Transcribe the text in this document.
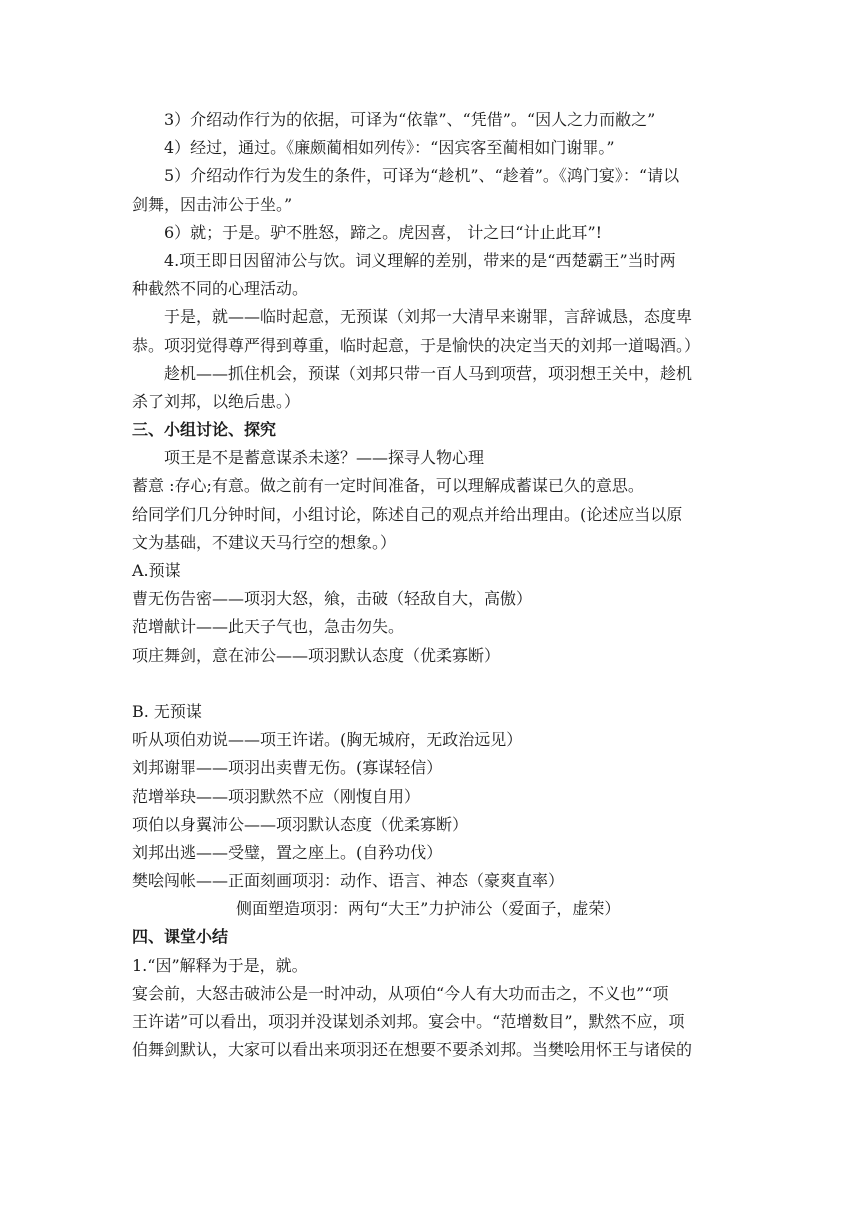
3）介绍动作行为的依据，可译为“依靠”、“凭借”。“因人之力而敝之”
4）经过，通过。《廉颇蔺相如列传》：“因宾客至蔺相如门谢罪。”
5）介绍动作行为发生的条件，可译为“趁机”、“趁着”。《鸿门宴》：“请以
剑舞，因击沛公于坐。”
6）就；于是。驴不胜怒，蹄之。虎因喜， 计之曰“计止此耳”!
4.项王即日因留沛公与饮。词义理解的差别，带来的是“西楚霸王”当时两
种截然不同的心理活动。
于是，就——临时起意，无预谋（刘邦一大清早来谢罪，言辞诚恳，态度卑
恭。项羽觉得尊严得到尊重，临时起意，于是愉快的决定当天的刘邦一道喝酒。）
趁机——抓住机会，预谋（刘邦只带一百人马到项营，项羽想王关中，趁机
杀了刘邦，以绝后患。）
三、小组讨论、探究
项王是不是蓄意谋杀未遂？——探寻人物心理
蓄意 :存心;有意。做之前有一定时间准备，可以理解成蓄谋已久的意思。
给同学们几分钟时间，小组讨论，陈述自己的观点并给出理由。(论述应当以原
文为基础，不建议天马行空的想象。）
A.预谋
曹无伤告密——项羽大怒，飨，击破（轻敌自大，高傲）
范增献计——此天子气也，急击勿失。
项庄舞剑，意在沛公——项羽默认态度（优柔寡断）
B. 无预谋
听从项伯劝说——项王许诺。(胸无城府，无政治远见）
刘邦谢罪——项羽出卖曹无伤。(寡谋轻信）
范增举玦——项羽默然不应（刚愎自用）
项伯以身翼沛公——项羽默认态度（优柔寡断）
刘邦出逃——受璧，置之座上。(自矜功伐）
樊哙闯帐——正面刻画项羽：动作、语言、神态（豪爽直率）
侧面塑造项羽：两句“大王”力护沛公（爱面子，虚荣）
四、课堂小结
1.“因”解释为于是，就。
宴会前，大怒击破沛公是一时冲动，从项伯“今人有大功而击之，不义也”“项
王许诺”可以看出，项羽并没谋划杀刘邦。宴会中。“范增数目”，默然不应，项
伯舞剑默认，大家可以看出来项羽还在想要不要杀刘邦。当樊哙用怀王与诸侯的
